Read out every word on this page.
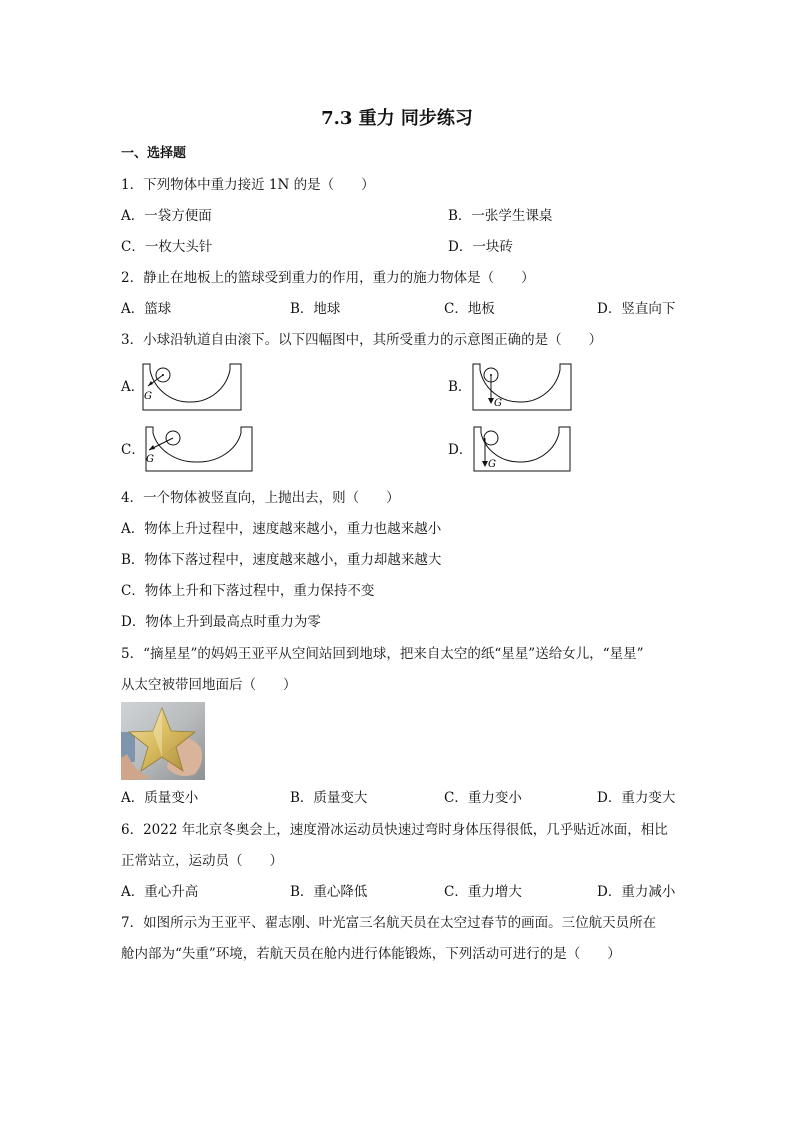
7.3 重力 同步练习
一、选择题
1．下列物体中重力接近 1N 的是（　　）
A．一袋方便面	B．一张学生课桌
C．一枚大头针	D．一块砖
2．静止在地板上的篮球受到重力的作用，重力的施力物体是（　　）
A．篮球	B．地球	C．地板	D．竖直向下
3．小球沿轨道自由滚下。以下四幅图中，其所受重力的示意图正确的是（　　）
A．	B．
C．	D．
G
G
G	G
4．一个物体被竖直向，上抛出去，则（　　）
A．物体上升过程中，速度越来越小，重力也越来越小
B．物体下落过程中，速度越来越小，重力却越来越大
C．物体上升和下落过程中，重力保持不变
D．物体上升到最高点时重力为零
5．“摘星星”的妈妈王亚平从空间站回到地球，把来自太空的纸“星星”送给女儿，“星星”
从太空被带回地面后（　　）
A．质量变小	B．质量变大	C．重力变小	D．重力变大
6．2022 年北京冬奥会上，速度滑冰运动员快速过弯时身体压得很低，几乎贴近冰面，相比
正常站立，运动员（　　）
A．重心升高	B．重心降低	C．重力增大	D．重力减小
7．如图所示为王亚平、翟志刚、叶光富三名航天员在太空过春节的画面。三位航天员所在
舱内部为“失重”环境，若航天员在舱内进行体能锻炼，下列活动可进行的是（　　）
